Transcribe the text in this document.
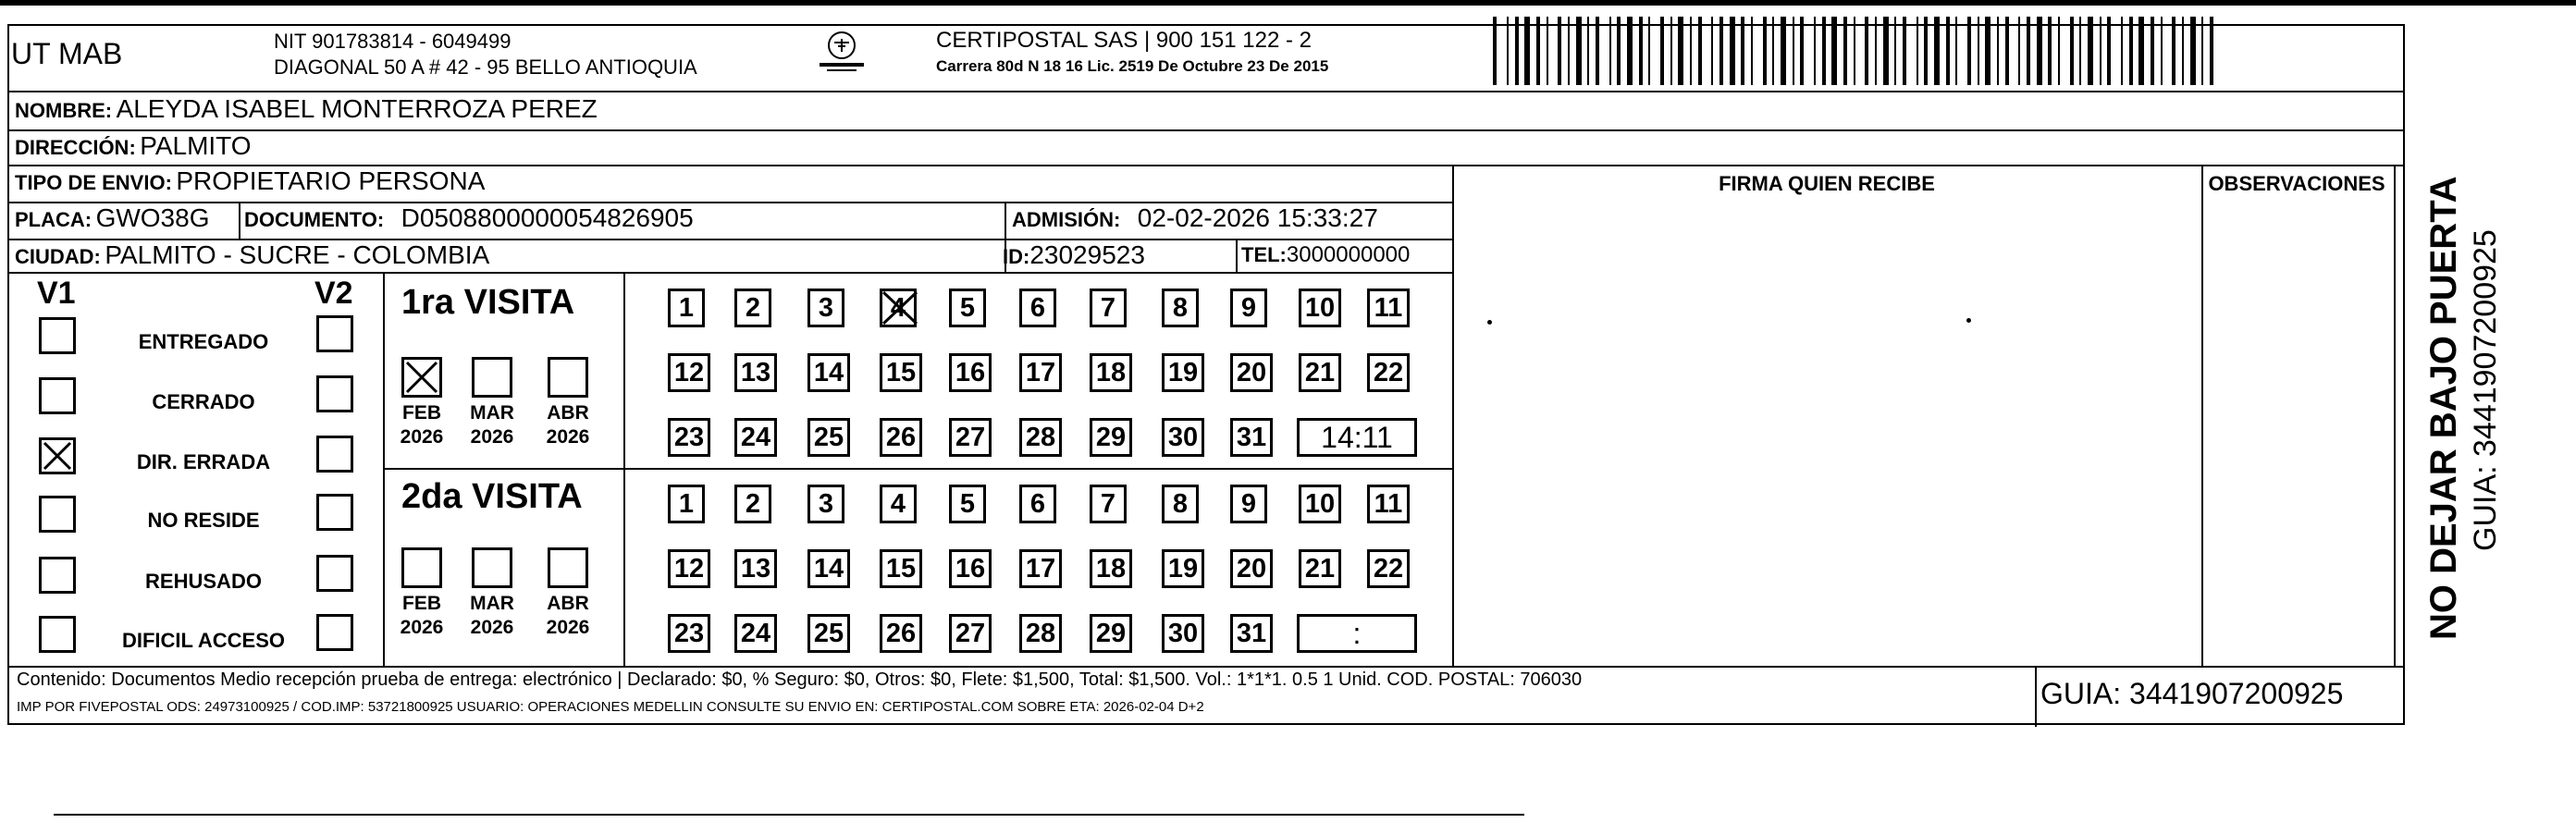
UT MAB	NIT 901783814 - 6049499
DIAGONAL 50 A # 42 - 95 BELLO ANTIOQUIA
CERTIPOSTAL SAS | 900 151 122 - 2
Carrera 80d N 18 16 Lic. 2519 De Octubre 23 De 2015
NOMBRE: ALEYDA ISABEL MONTERROZA PEREZ
DIRECCIÓN: PALMITO
TIPO DE ENVIO: PROPIETARIO PERSONA
PLACA: GWO38G DOCUMENTO: D0508800000054826905	ADMISIÓN: 02-02-2026 15:33:27
CIUDAD: PALMITO - SUCRE - COLOMBIA	ID:23029523	TEL:3000000000
FIRMA QUIEN RECIBE	OBSERVACIONES
V1	V2
ENTREGADO
CERRADO
DIR. ERRADA
NO RESIDE
REHUSADO
DIFICIL ACCESO
1ra VISITA
2da VISITA
FEB
2026
MAR
2026
ABR
2026
FEB
2026
MAR
2026
ABR
2026
1 2 3 4 5 6 7 8 9 10 11
12 13 14 15 16 17 18 19 20 21 22
23 24 25 26 27 28 29 30 31 14:11
1 2 3 4 5 6 7 8 9 10 11
12 13 14 15 16 17 18 19 20 21 22
23 24 25 26 27 28 29 30 31	:
Contenido: Documentos Medio recepción prueba de entrega: electrónico | Declarado: $0, % Seguro: $0, Otros: $0, Flete: $1,500, Total: $1,500. Vol.: 1*1*1. 0.5 1 Unid. COD. POSTAL: 706030
IMP POR FIVEPOSTAL ODS: 24973100925 / COD.IMP: 53721800925 USUARIO: OPERACIONES MEDELLIN CONSULTE SU ENVIO EN: CERTIPOSTAL.COM SOBRE ETA: 2026-02-04 D+2	GUIA: 3441907200925
NO DEJAR BAJO PUERTA GUIA: 3441907200925
